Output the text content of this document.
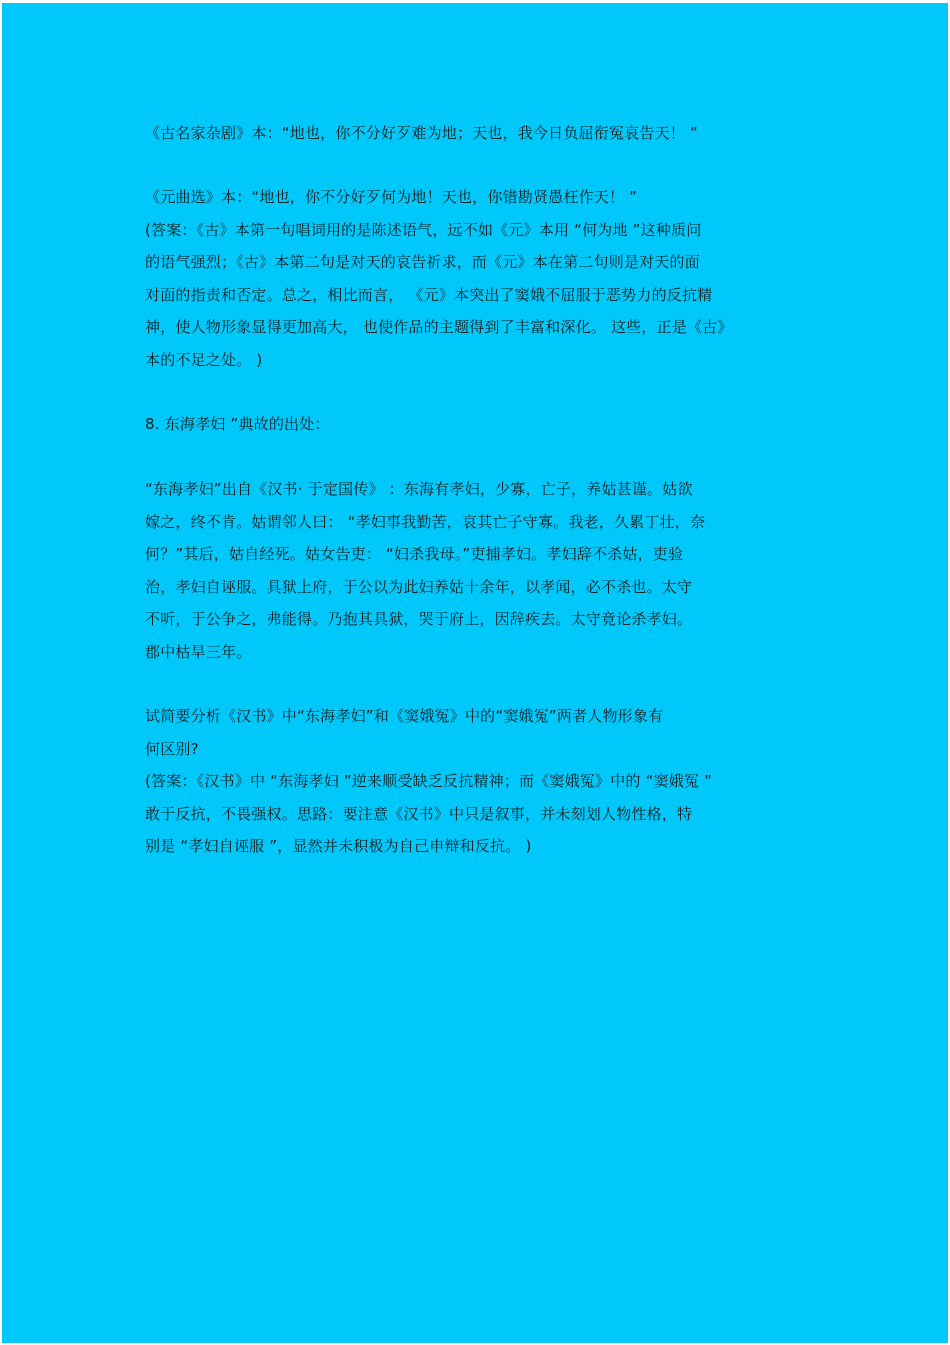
《古名家杂剧》本：“地也，你不分好歹难为地；天也，我今日负屈衔冤哀告天！ ”
《元曲选》本：“地也，你不分好歹何为地！天也，你错勘贤愚枉作天！ ”
(答案：《古》本第一句唱词用的是陈述语气，远不如《元》本用 “何为地 ”这种质问
的语气强烈；《古》本第二句是对天的哀告祈求，而《元》本在第二句则是对天的面
对面的指责和否定。总之，相比而言， 《元》本突出了窦娥不屈服于恶势力的反抗精
神，使人物形象显得更加高大， 也使作品的主题得到了丰富和深化。 这些，正是《古》
本的不足之处。 )
8. 东海孝妇 ”典故的出处：
“东海孝妇”出自《汉书· 于定国传》 ：东海有孝妇，少寡，亡子，养姑甚谨。姑欲
嫁之，终不肯。姑谓邻人曰： “孝妇事我勤苦，哀其亡子守寡。我老，久累丁壮，奈
何？”其后，姑自经死。姑女告吏： “妇杀我母。”吏捕孝妇。孝妇辞不杀姑，吏验
治，孝妇自诬服。具狱上府，于公以为此妇养姑十余年，以孝闻，必不杀也。太守
不听，于公争之，弗能得。乃抱其具狱，哭于府上，因辞疾去。太守竟论杀孝妇。
郡中枯旱三年。
试简要分析《汉书》中“东海孝妇”和《窦娥冤》中的“窦娥冤”两者人物形象有
何区别?
(答案：《汉书》中 “东海孝妇 ”逆来顺受缺乏反抗精神；而《窦娥冤》中的 “窦娥冤 ”
敢于反抗，不畏强权。思路：要注意《汉书》中只是叙事，并未刻划人物性格，特
别是 “孝妇自诬服 ”，显然并未积极为自己申辩和反抗。 )
